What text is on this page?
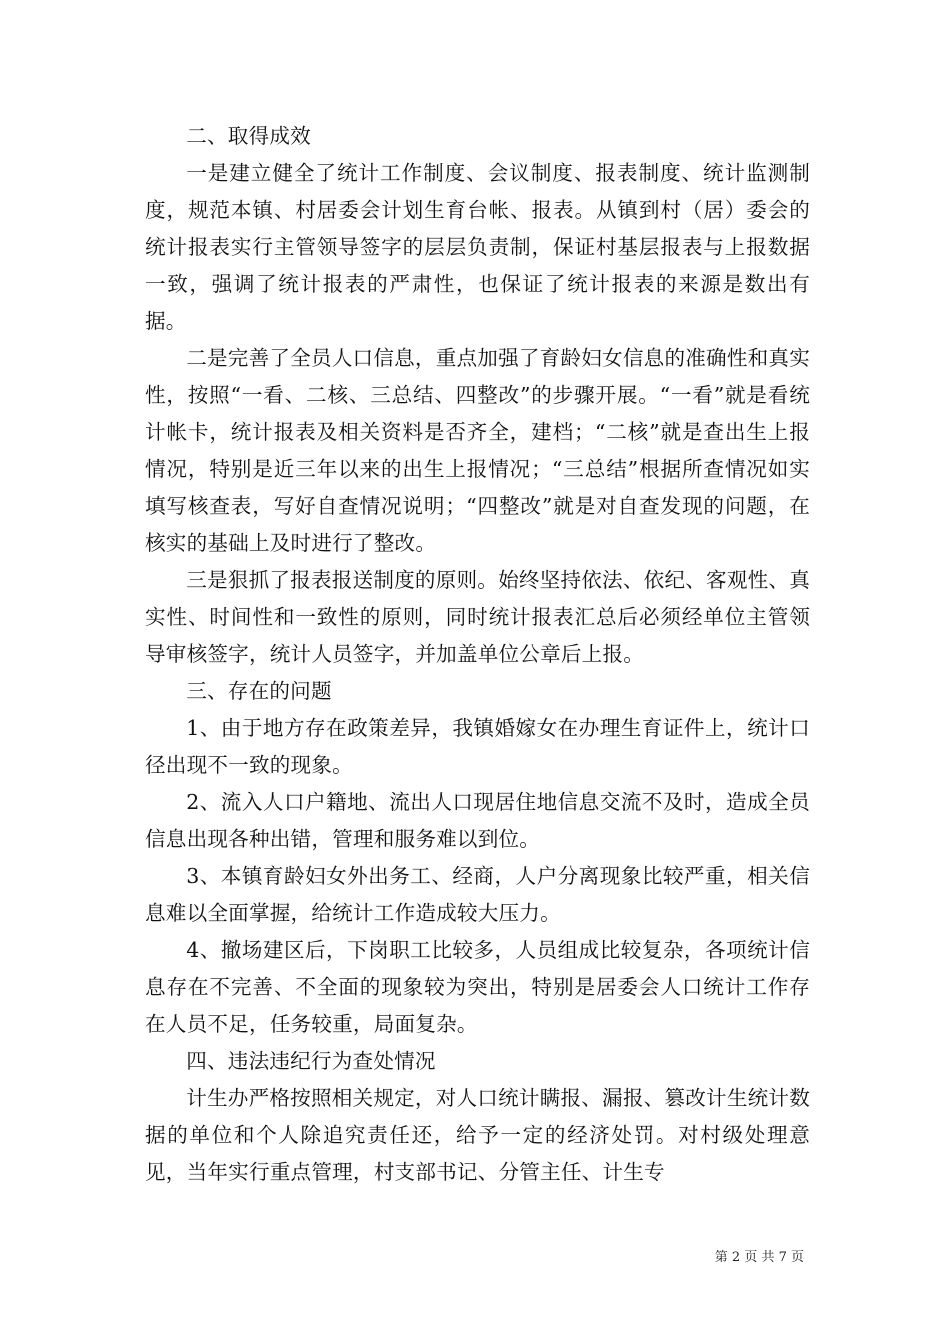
二、取得成效

一是建立健全了统计工作制度、会议制度、报表制度、统计监测制度，规范本镇、村居委会计划生育台帐、报表。从镇到村（居）委会的统计报表实行主管领导签字的层层负责制，保证村基层报表与上报数据一致，强调了统计报表的严肃性，也保证了统计报表的来源是数出有据。

二是完善了全员人口信息，重点加强了育龄妇女信息的准确性和真实性，按照“一看、二核、三总结、四整改”的步骤开展。“一看”就是看统计帐卡，统计报表及相关资料是否齐全，建档；“二核”就是查出生上报情况，特别是近三年以来的出生上报情况；“三总结”根据所查情况如实填写核查表，写好自查情况说明；“四整改”就是对自查发现的问题，在核实的基础上及时进行了整改。

三是狠抓了报表报送制度的原则。始终坚持依法、依纪、客观性、真实性、时间性和一致性的原则，同时统计报表汇总后必须经单位主管领导审核签字，统计人员签字，并加盖单位公章后上报。

三、存在的问题

1、由于地方存在政策差异，我镇婚嫁女在办理生育证件上，统计口径出现不一致的现象。

2、流入人口户籍地、流出人口现居住地信息交流不及时，造成全员信息出现各种出错，管理和服务难以到位。

3、本镇育龄妇女外出务工、经商，人户分离现象比较严重，相关信息难以全面掌握，给统计工作造成较大压力。

4、撤场建区后，下岗职工比较多，人员组成比较复杂，各项统计信息存在不完善、不全面的现象较为突出，特别是居委会人口统计工作存在人员不足，任务较重，局面复杂。

四、违法违纪行为查处情况

计生办严格按照相关规定，对人口统计瞒报、漏报、篡改计生统计数据的单位和个人除追究责任还，给予一定的经济处罚。对村级处理意见，当年实行重点管理，村支部书记、分管主任、计生专

第 2 页 共 7 页
